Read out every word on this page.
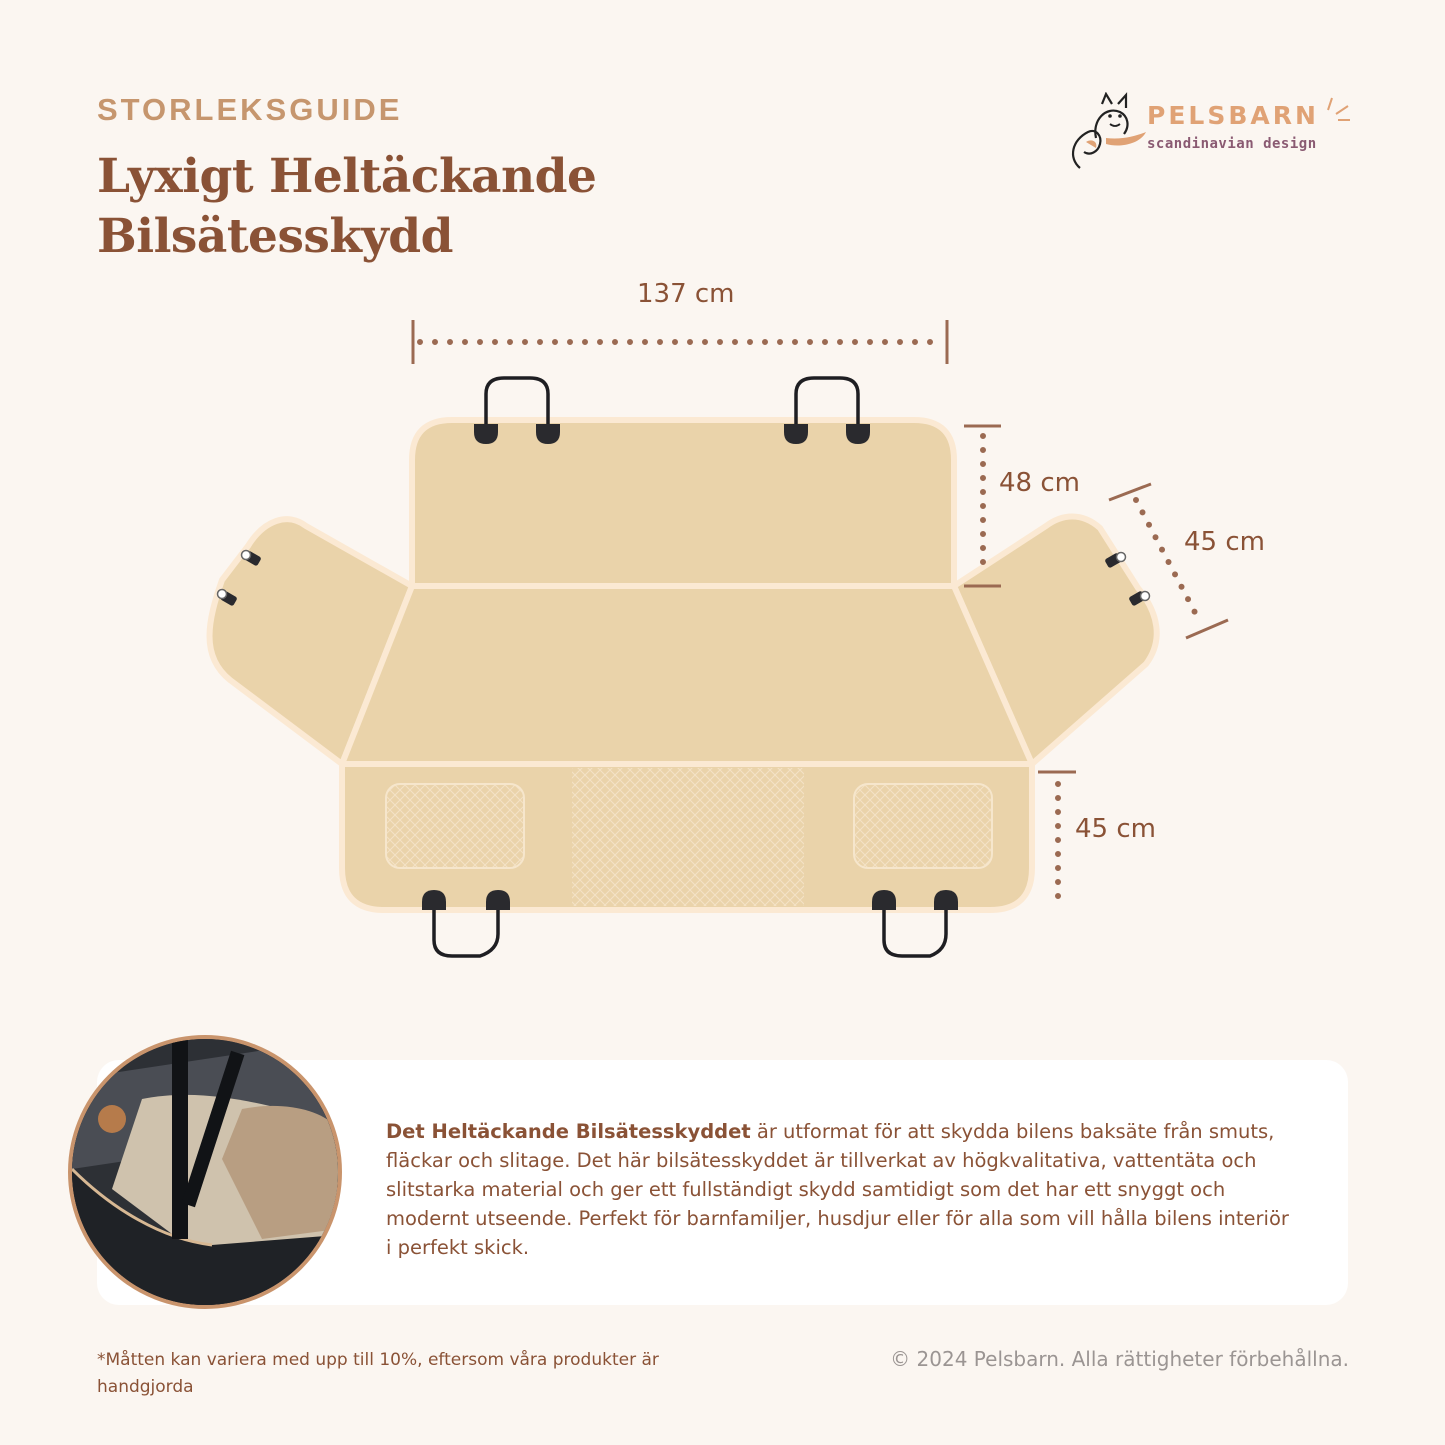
STORLEKSGUIDE
Lyxigt Heltäckande
Bilsätesskydd
PELSBARN
scandinavian design
137 cm
48 cm
45 cm
45 cm
Det Heltäckande Bilsätesskyddet är utformat för att skydda bilens baksäte från smuts, fläckar och slitage. Det här bilsätesskyddet är tillverkat av högkvalitativa, vattentäta och slitstarka material och ger ett fullständigt skydd samtidigt som det har ett snyggt och modernt utseende. Perfekt för barnfamiljer, husdjur eller för alla som vill hålla bilens interiör i perfekt skick.
*Måtten kan variera med upp till 10%, eftersom våra produkter är handgjorda
© 2024 Pelsbarn. Alla rättigheter förbehållna.
